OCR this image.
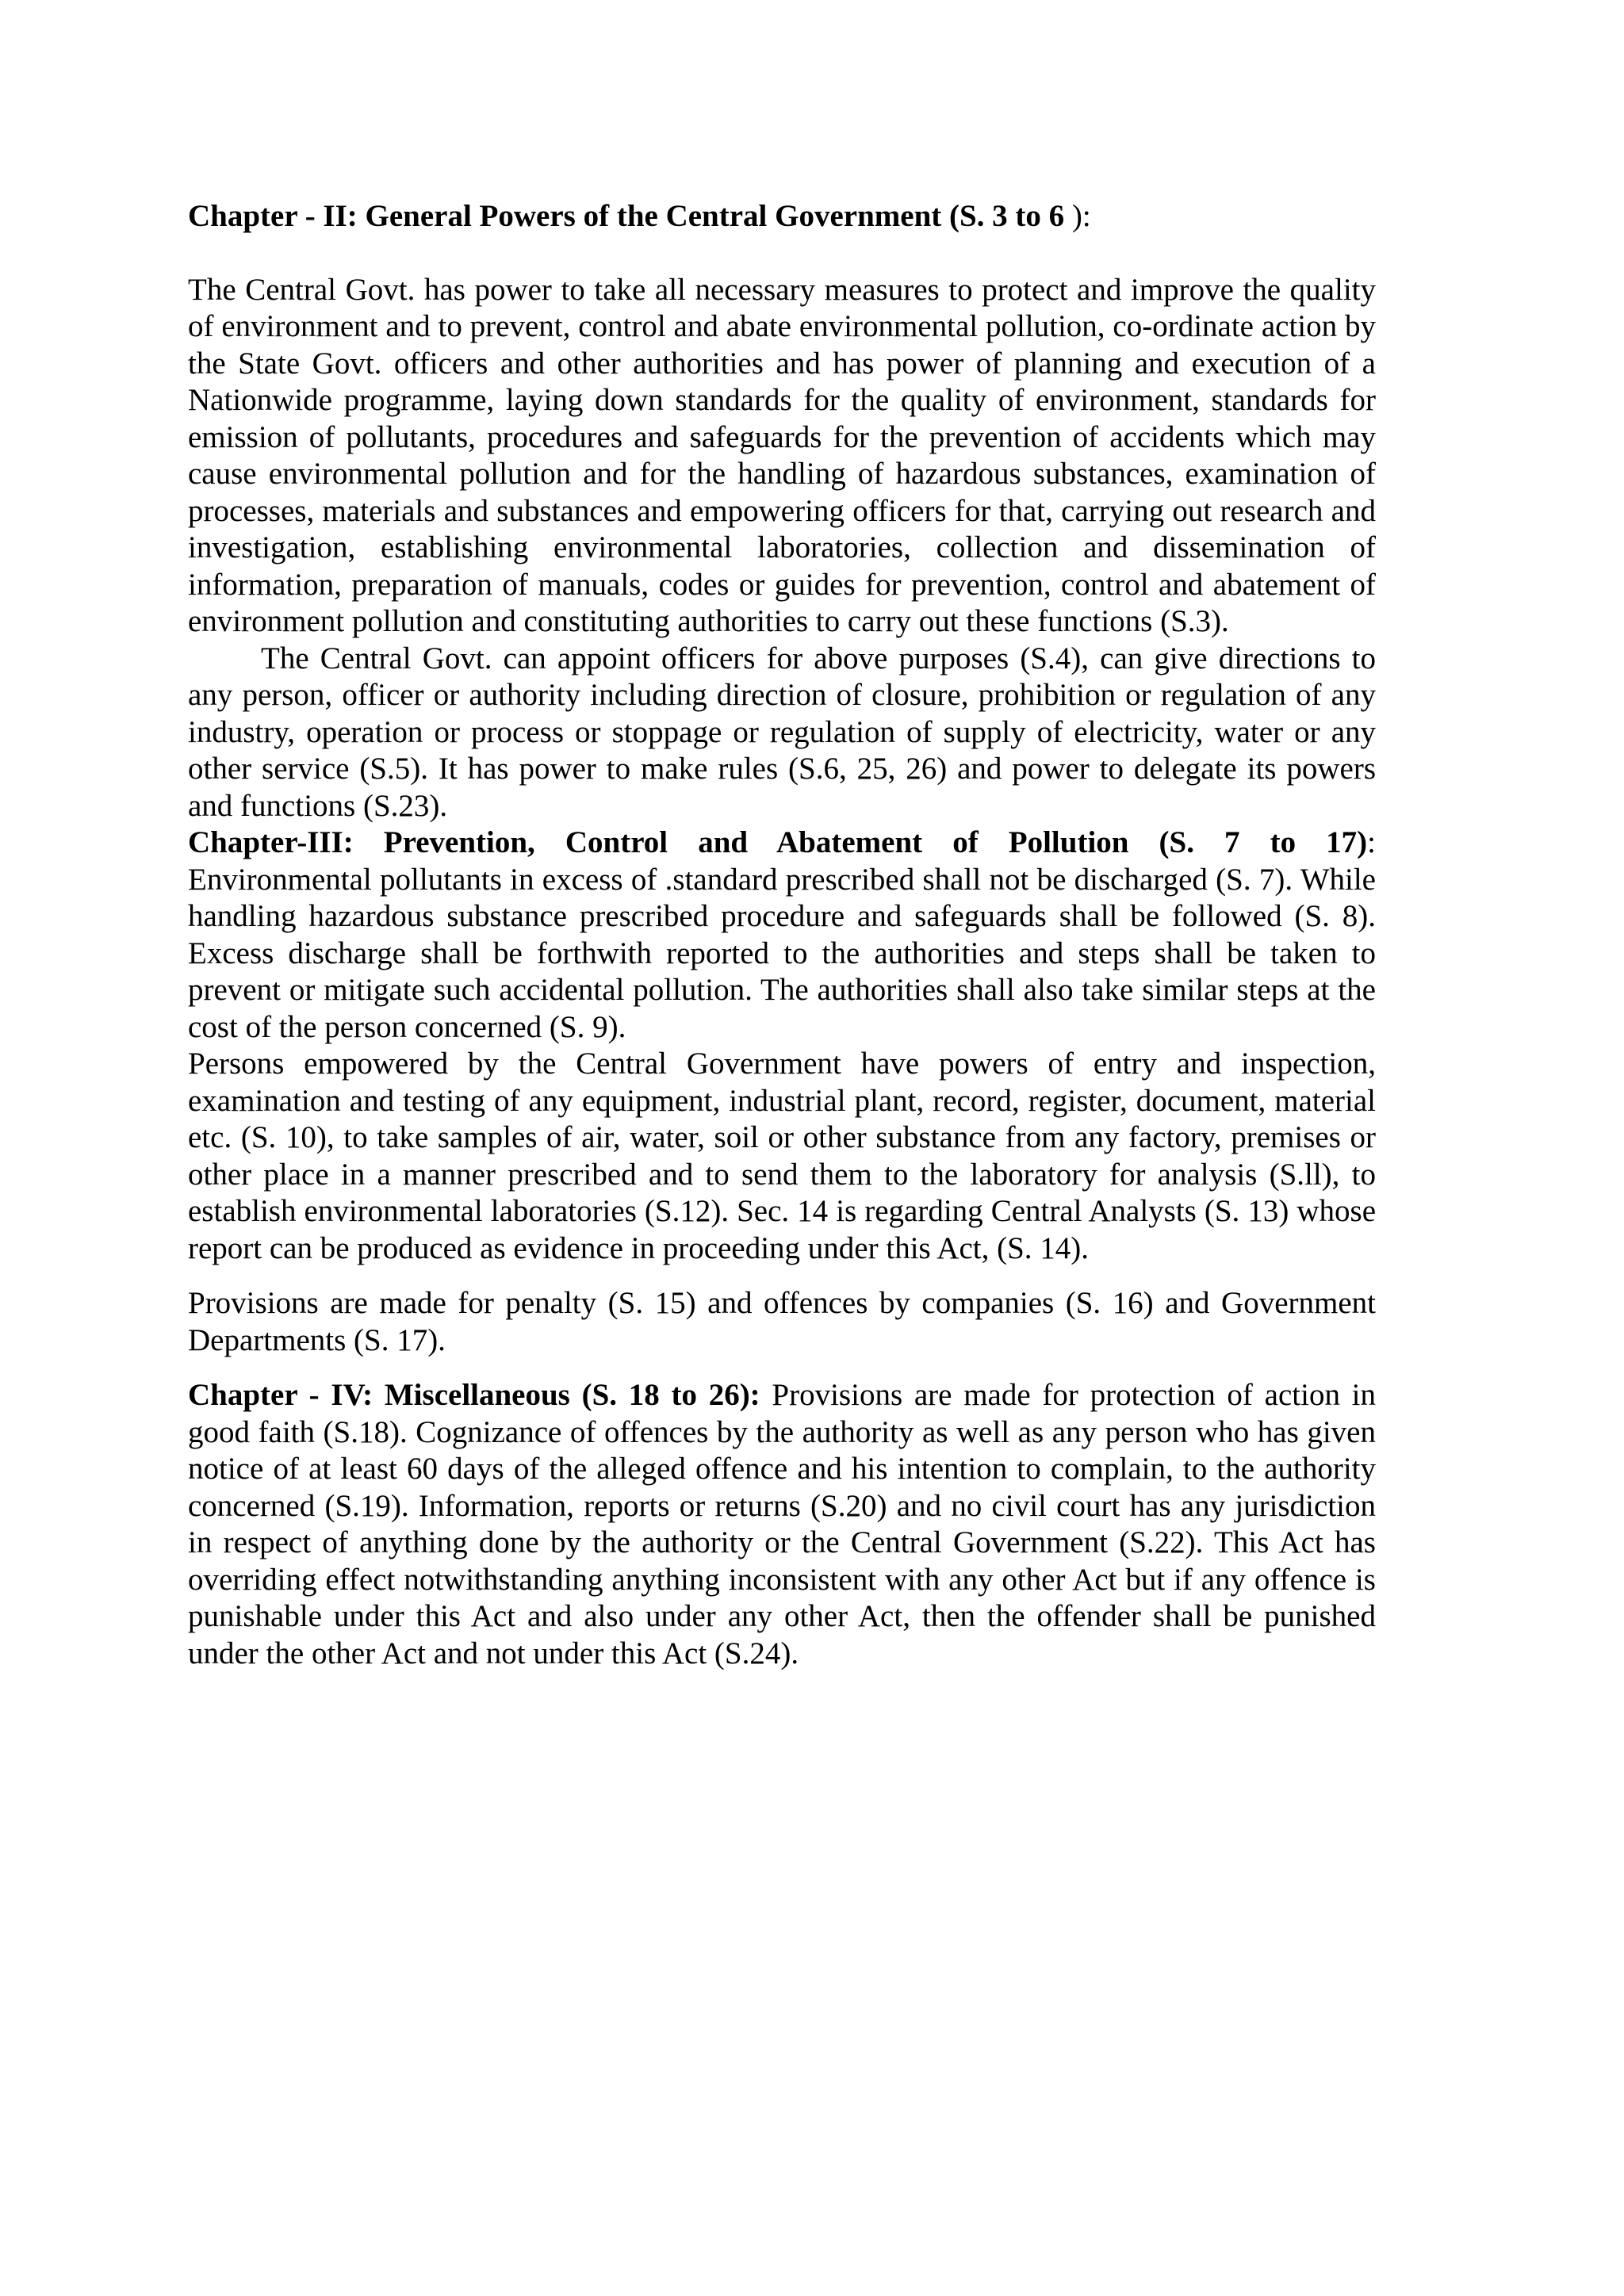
Chapter - II: General Powers of the Central Government (S. 3 to 6 ):

The Central Govt. has power to take all necessary measures to protect and improve the quality of environment and to prevent, control and abate environmental pollution, co-ordinate action by the State Govt. officers and other authorities and has power of planning and execution of a Nationwide programme, laying down standards for the quality of environment, standards for emission of pollutants, procedures and safeguards for the prevention of accidents which may cause environmental pollution and for the handling of hazardous substances, examination of processes, materials and substances and empowering officers for that, carrying out research and investigation, establishing environmental laboratories, collection and dissemination of information, preparation of manuals, codes or guides for prevention, control and abatement of environment pollution and constituting authorities to carry out these functions (S.3).

The Central Govt. can appoint officers for above purposes (S.4), can give directions to any person, officer or authority including direction of closure, prohibition or regulation of any industry, operation or process or stoppage or regulation of supply of electricity, water or any other service (S.5). It has power to make rules (S.6, 25, 26) and power to delegate its powers and functions (S.23).

Chapter-III: Prevention, Control and Abatement of Pollution (S. 7 to 17): Environmental pollutants in excess of .standard prescribed shall not be discharged (S. 7). While handling hazardous substance prescribed procedure and safeguards shall be followed (S. 8). Excess discharge shall be forthwith reported to the authorities and steps shall be taken to prevent or mitigate such accidental pollution. The authorities shall also take similar steps at the cost of the person concerned (S. 9).

Persons empowered by the Central Government have powers of entry and inspection, examination and testing of any equipment, industrial plant, record, register, document, material etc. (S. 10), to take samples of air, water, soil or other substance from any factory, premises or other place in a manner prescribed and to send them to the laboratory for analysis (S.ll), to establish environmental laboratories (S.12). Sec. 14 is regarding Central Analysts (S. 13) whose report can be produced as evidence in proceeding under this Act, (S. 14).

Provisions are made for penalty (S. 15) and offences by companies (S. 16) and Government Departments (S. 17).

Chapter - IV: Miscellaneous (S. 18 to 26): Provisions are made for protection of action in good faith (S.18). Cognizance of offences by the authority as well as any person who has given notice of at least 60 days of the alleged offence and his intention to complain, to the authority concerned (S.19). Information, reports or returns (S.20) and no civil court has any jurisdiction in respect of anything done by the authority or the Central Government (S.22). This Act has overriding effect notwithstanding anything inconsistent with any other Act but if any offence is punishable under this Act and also under any other Act, then the offender shall be punished under the other Act and not under this Act (S.24).
